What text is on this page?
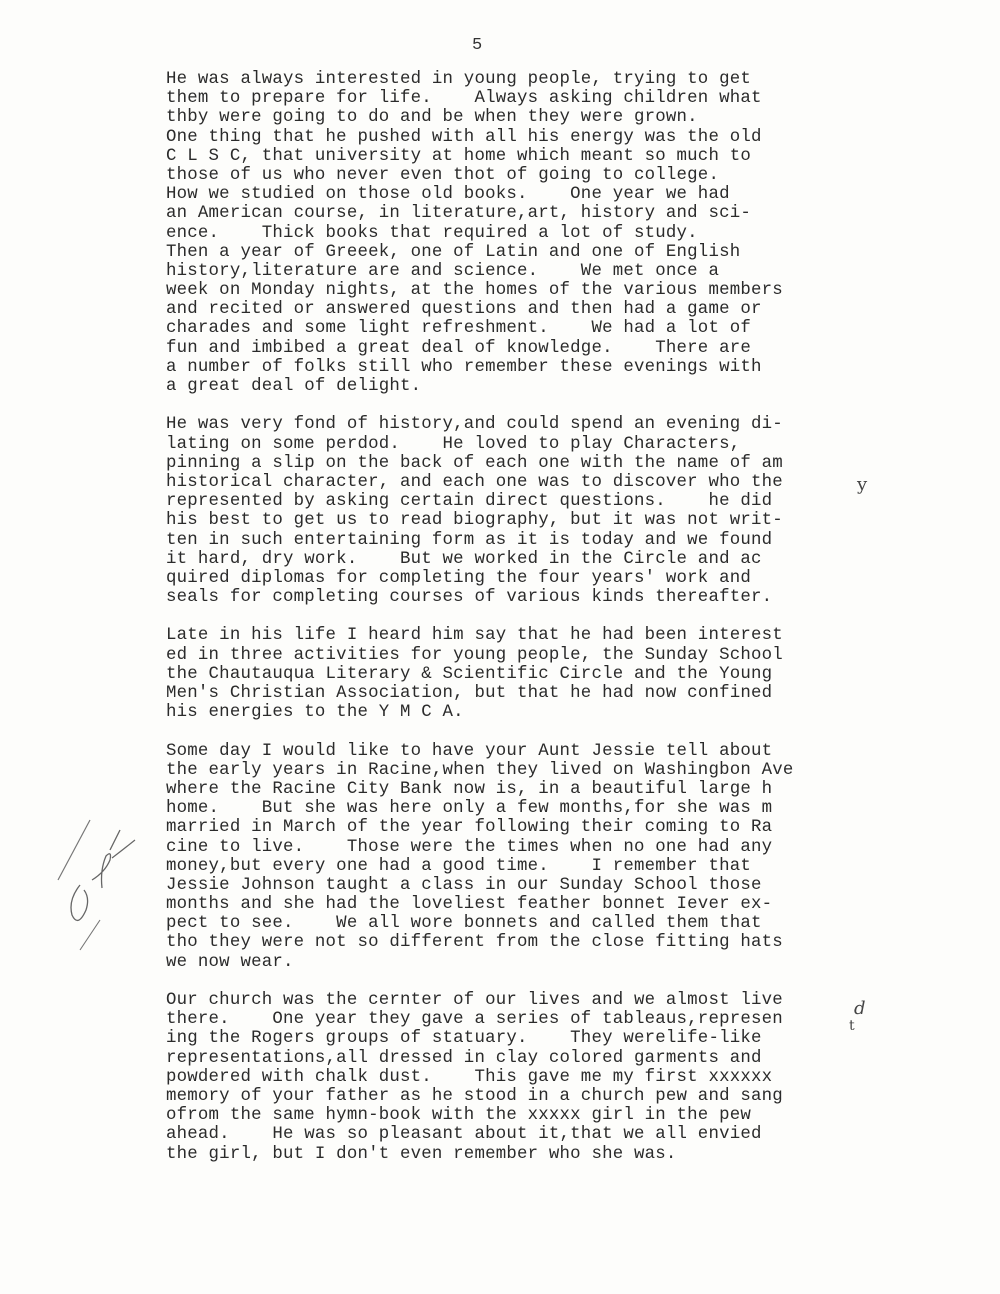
5
He was always interested in young people, trying to get
them to prepare for life.    Always asking children what
thby were going to do and be when they were grown.
One thing that he pushed with all his energy was the old
C L S C, that university at home which meant so much to
those of us who never even thot of going to college.
How we studied on those old books.    One year we had
an American course, in literature,art, history and sci-
ence.    Thick books that required a lot of study.
Then a year of Greeek, one of Latin and one of English
history,literature are and science.    We met once a
week on Monday nights, at the homes of the various members
and recited or answered questions and then had a game or
charades and some light refreshment.    We had a lot of
fun and imbibed a great deal of knowledge.    There are
a number of folks still who remember these evenings with
a great deal of delight.
He was very fond of history,and could spend an evening di-
lating on some perdod.    He loved to play Characters,
pinning a slip on the back of each one with the name of am
historical character, and each one was to discover who the
represented by asking certain direct questions.    he did
his best to get us to read biography, but it was not writ-
ten in such entertaining form as it is today and we found
it hard, dry work.    But we worked in the Circle and ac
quired diplomas for completing the four years' work and
seals for completing courses of various kinds thereafter.
Late in his life I heard him say that he had been interest
ed in three activities for young people, the Sunday School
the Chautauqua Literary & Scientific Circle and the Young
Men's Christian Association, but that he had now confined
his energies to the Y M C A.
Some day I would like to have your Aunt Jessie tell about
the early years in Racine,when they lived on Washingbon Ave
where the Racine City Bank now is, in a beautiful large h
home.    But she was here only a few months,for she was m
married in March of the year following their coming to Ra
cine to live.    Those were the times when no one had any
money,but every one had a good time.    I remember that
Jessie Johnson taught a class in our Sunday School those
months and she had the loveliest feather bonnet Iever ex-
pect to see.    We all wore bonnets and called them that
tho they were not so different from the close fitting hats
we now wear.
Our church was the cernter of our lives and we almost live
there.    One year they gave a series of tableaus,represen
ing the Rogers groups of statuary.    They werelife-like
representations,all dressed in clay colored garments and
powdered with chalk dust.    This gave me my first xxxxxx
memory of your father as he stood in a church pew and sang
ofrom the same hymn-book with the xxxxx girl in the pew
ahead.    He was so pleasant about it,that we all envied
the girl, but I don't even remember who she was.
y
d
t
